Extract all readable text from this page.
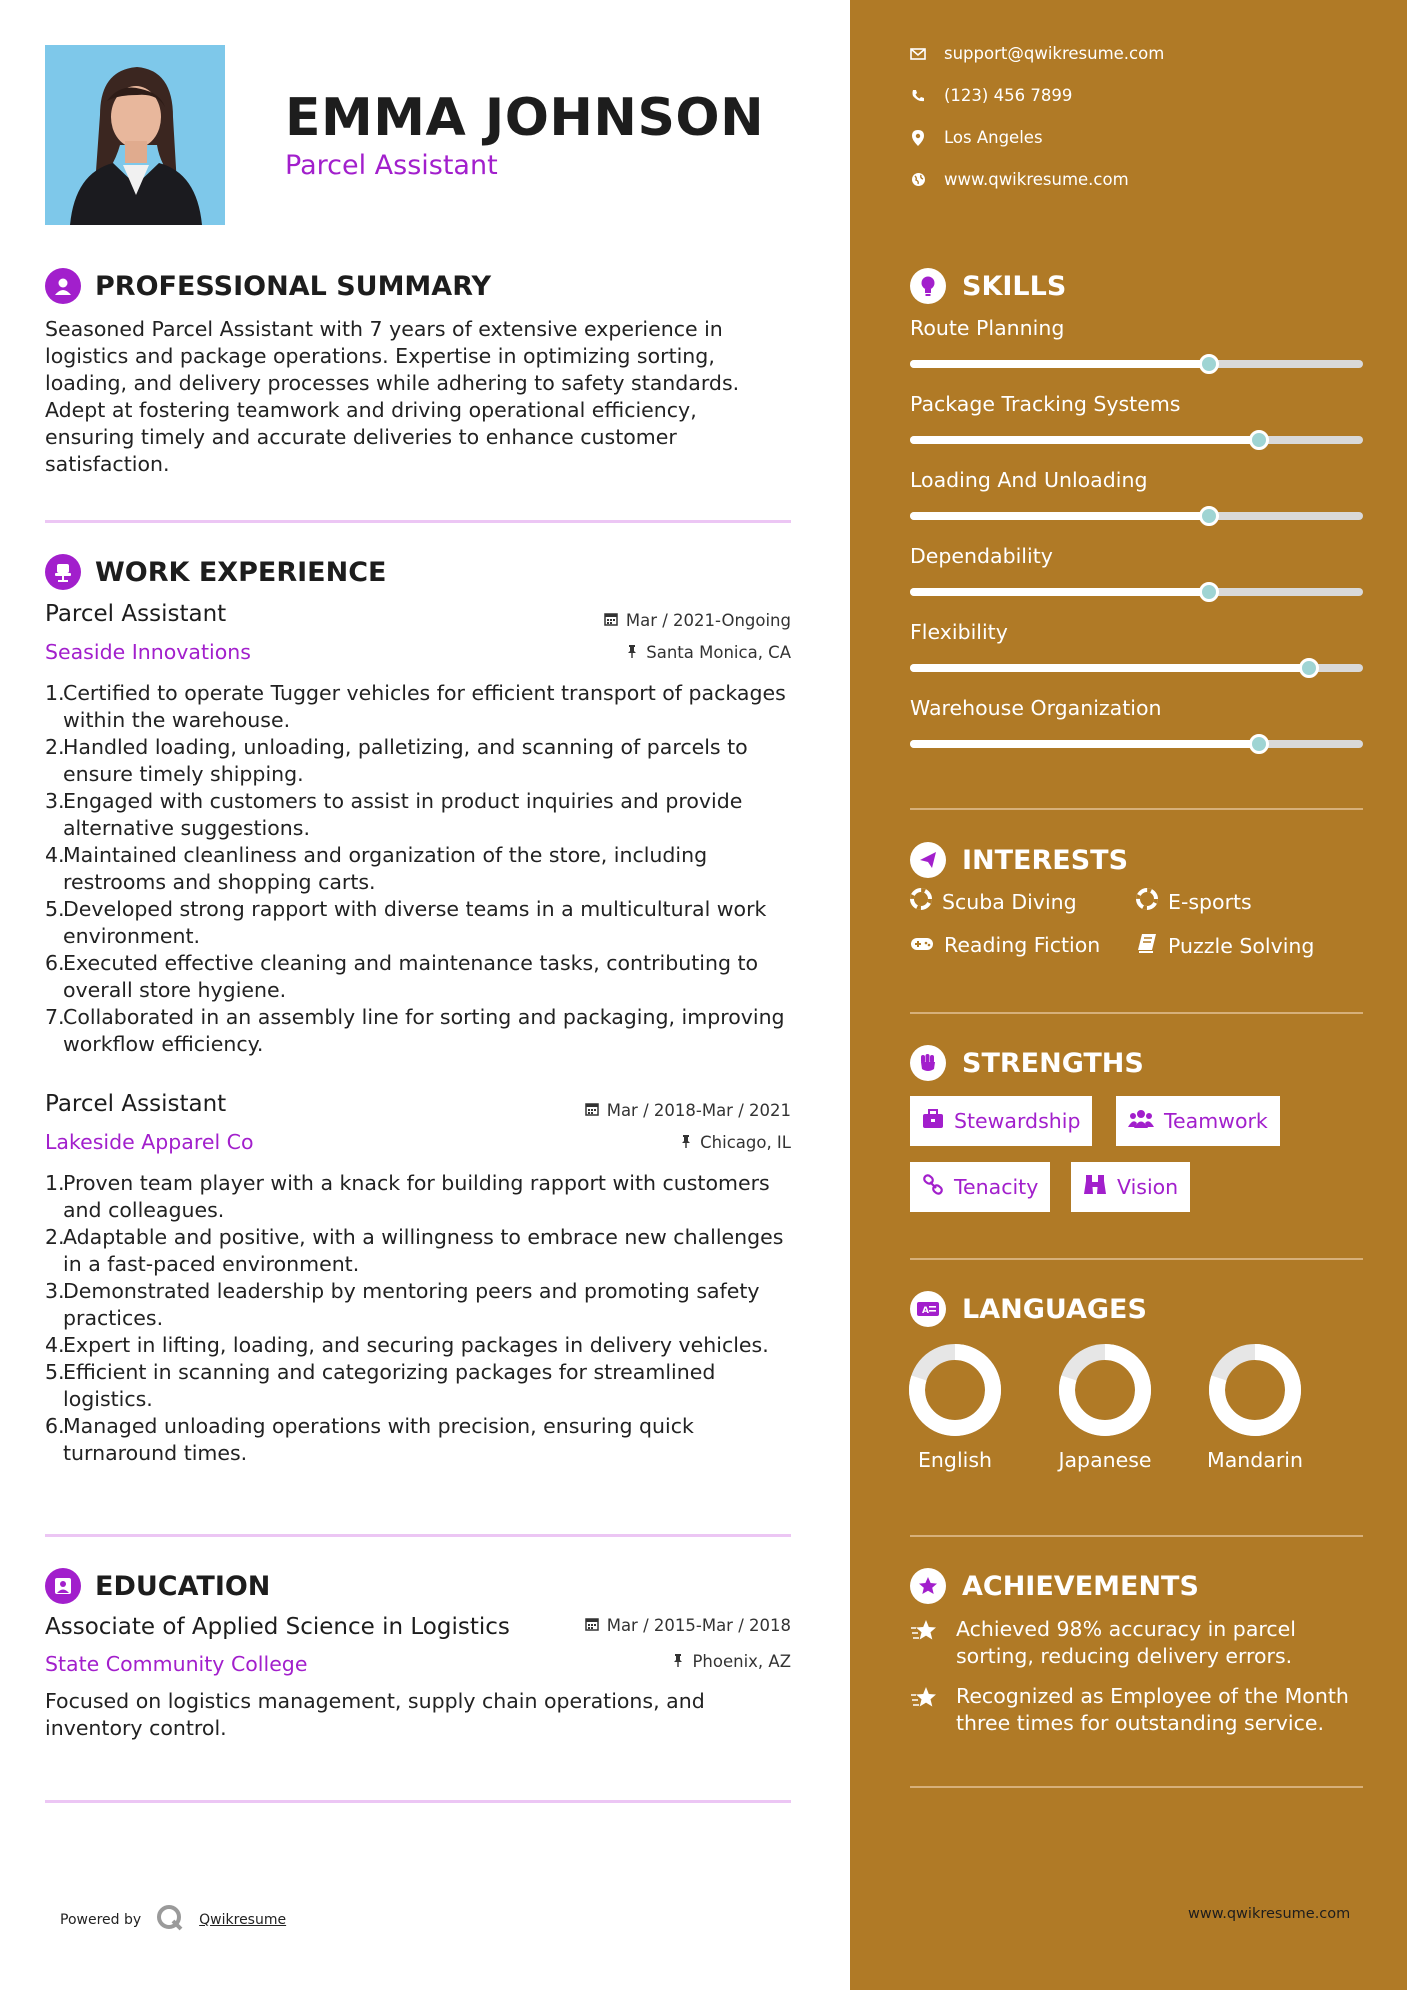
EMMA JOHNSON
Parcel Assistant
PROFESSIONAL SUMMARY
Seasoned Parcel Assistant with 7 years of extensive experience in logistics and package operations. Expertise in optimizing sorting, loading, and delivery processes while adhering to safety standards. Adept at fostering teamwork and driving operational efficiency, ensuring timely and accurate deliveries to enhance customer satisfaction.
WORK EXPERIENCE
Parcel Assistant	Mar / 2021-Ongoing
Seaside Innovations	Santa Monica, CA
Certified to operate Tugger vehicles for efficient transport of packages within the warehouse.
Handled loading, unloading, palletizing, and scanning of parcels to ensure timely shipping.
Engaged with customers to assist in product inquiries and provide alternative suggestions.
Maintained cleanliness and organization of the store, including restrooms and shopping carts.
Developed strong rapport with diverse teams in a multicultural work environment.
Executed effective cleaning and maintenance tasks, contributing to overall store hygiene.
Collaborated in an assembly line for sorting and packaging, improving workflow efficiency.
Parcel Assistant	Mar / 2018-Mar / 2021
Lakeside Apparel Co	Chicago, IL
Proven team player with a knack for building rapport with customers and colleagues.
Adaptable and positive, with a willingness to embrace new challenges in a fast-paced environment.
Demonstrated leadership by mentoring peers and promoting safety practices.
Expert in lifting, loading, and securing packages in delivery vehicles.
Efficient in scanning and categorizing packages for streamlined logistics.
Managed unloading operations with precision, ensuring quick turnaround times.
EDUCATION
Associate of Applied Science in Logistics	Mar / 2015-Mar / 2018
State Community College	Phoenix, AZ
Focused on logistics management, supply chain operations, and inventory control.
Powered by	Qwikresume
support@qwikresume.com
(123) 456 7899
Los Angeles
www.qwikresume.com
SKILLS
Route Planning
Package Tracking Systems
Loading And Unloading
Dependability
Flexibility
Warehouse Organization
INTERESTS
Scuba Diving	E-sports
Reading Fiction	Puzzle Solving
STRENGTHS
Stewardship	Teamwork
Tenacity	Vision
A LANGUAGES
English	Japanese	Mandarin
ACHIEVEMENTS
Achieved 98% accuracy in parcel sorting, reducing delivery errors.
Recognized as Employee of the Month three times for outstanding service.
www.qwikresume.com
